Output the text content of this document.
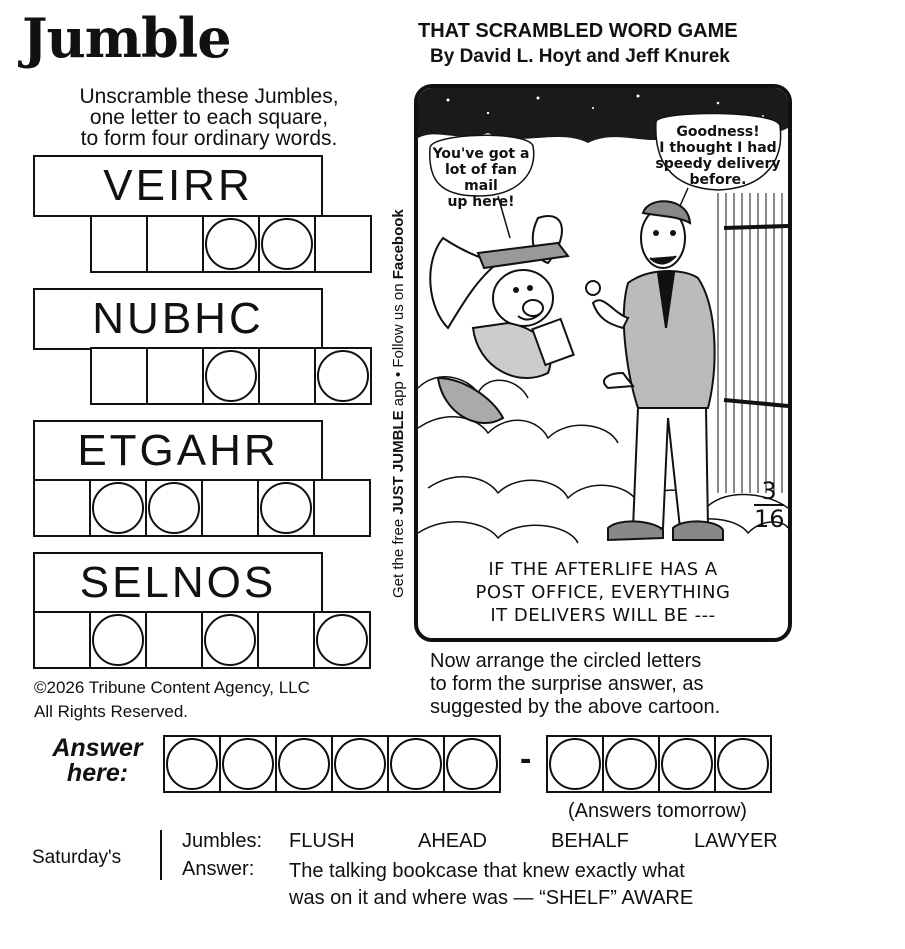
Jumble	THAT SCRAMBLED WORD GAME
By David L. Hoyt and Jeff Knurek
Unscramble these Jumbles,
one letter to each square,
to form four ordinary words.
VEIRR
NUBHC
ETGAHR
SELNOS	Get the free JUST JUMBLE app • Follow us on Facebook
You've got a
lot of fan mail
up here!
Goodness!
I thought I had
speedy delivery
before.
3
16
IF THE AFTERLIFE HAS A
POST OFFICE, EVERYTHING
IT DELIVERS WILL BE ---
©2026 Tribune Content Agency, LLC
All Rights Reserved.
Now arrange the circled letters
to form the surprise answer, as
suggested by the above cartoon.
Answer
here:	-
(Answers tomorrow)
Saturday's
Jumbles: FLUSH	AHEAD	BEHALF	LAWYER
Answer: The talking bookcase that knew exactly what
was on it and where was — “SHELF” AWARE
